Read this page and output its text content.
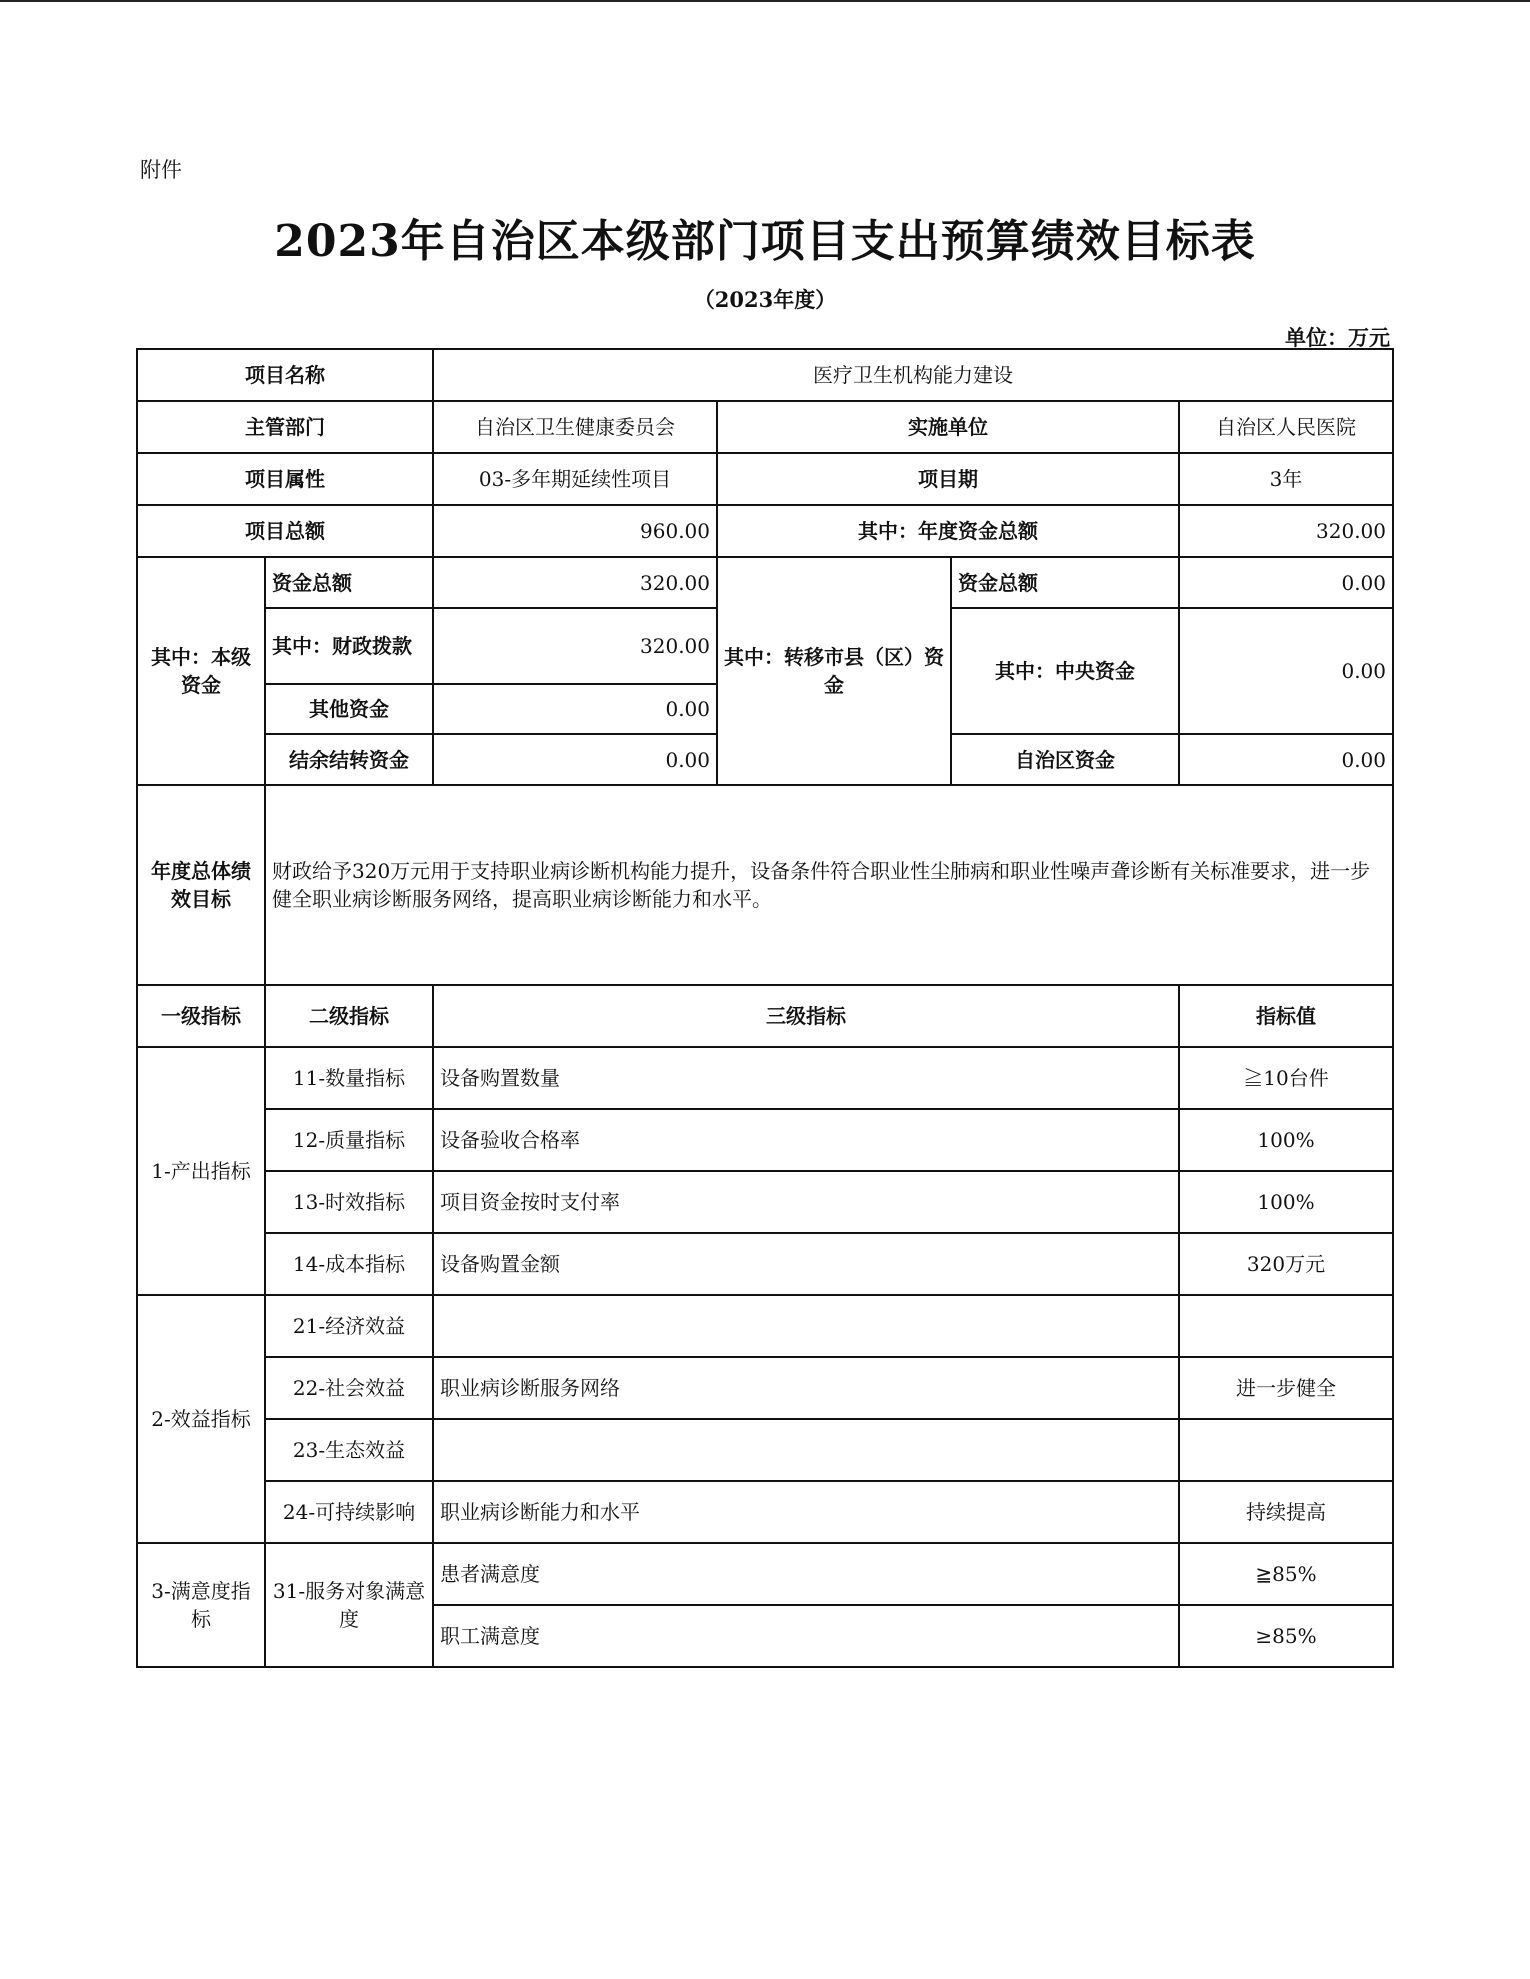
附件
2023年自治区本级部门项目支出预算绩效目标表
（2023年度）
单位：万元
项目名称		医疗卫生机构能力建设			
主管部门		自治区卫生健康委员会	实施单位		自治区人民医院
项目属性		03-多年期延续性项目	项目期		3年
项目总额		960.00	其中：年度资金总额		320.00
其中：本级资金	资金总额	320.00	其中：转移市县（区）资金	资金总额	0.00
	其中：财政拨款	320.00		其中：中央资金	0.00
	其他资金	0.00			
	结余结转资金	0.00		自治区资金	0.00
年度总体绩效目标	财政给予320万元用于支持职业病诊断机构能力提升，设备条件符合职业性尘肺病和职业性噪声聋诊断有关标准要求，进一步健全职业病诊断服务网络，提高职业病诊断能力和水平。				
一级指标	二级指标	三级指标			指标值
1-产出指标	11-数量指标	设备购置数量			≧10台件
	12-质量指标	设备验收合格率			100%
	13-时效指标	项目资金按时支付率			100%
	14-成本指标	设备购置金额			320万元
2-效益指标	21-经济效益				
	22-社会效益	职业病诊断服务网络			进一步健全
	23-生态效益				
	24-可持续影响	职业病诊断能力和水平			持续提高
3-满意度指标	31-服务对象满意度	患者满意度			≧85%
		职工满意度			≥85%
